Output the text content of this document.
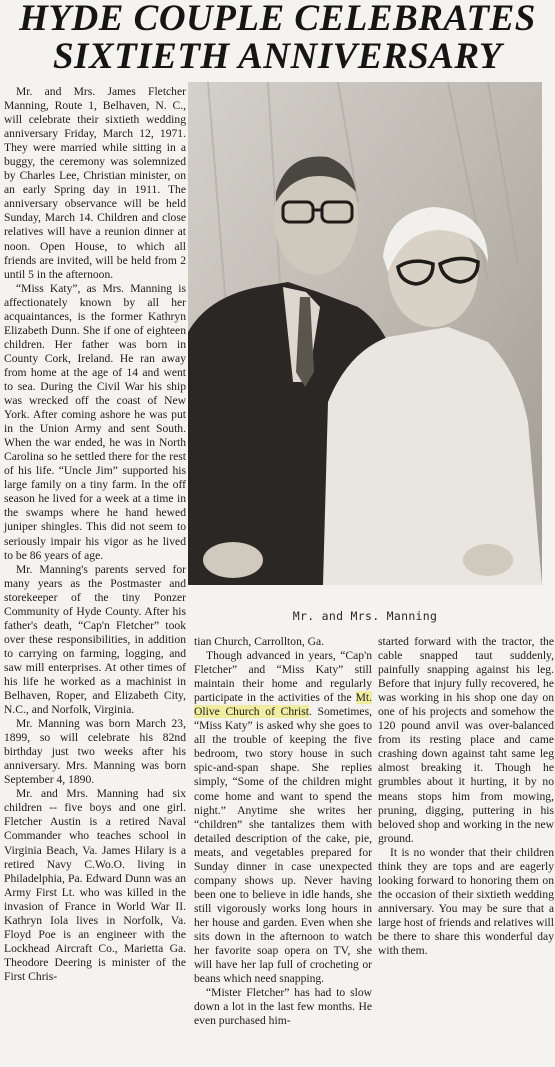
HYDE COUPLE CELEBRATES
SIXTIETH ANNIVERSARY

Mr. and Mrs. James Fletcher Manning, Route 1, Belhaven, N. C., will celebrate their sixtieth wedding anniversary Friday, March 12, 1971. They were married while sitting in a buggy, the ceremony was solemnized by Charles Lee, Christian minister, on an early Spring day in 1911. The anniversary observance will be held Sunday, March 14. Children and close relatives will have a reunion dinner at noon. Open House, to which all friends are invited, will be held from 2 until 5 in the afternoon.

“Miss Katy”, as Mrs. Manning is affectionately known by all her acquaintances, is the former Kathryn Elizabeth Dunn. She if one of eighteen children. Her father was born in County Cork, Ireland. He ran away from home at the age of 14 and went to sea. During the Civil War his ship was wrecked off the coast of New York. After coming ashore he was put in the Union Army and sent South. When the war ended, he was in North Carolina so he settled there for the rest of his life. “Uncle Jim” supported his large family on a tiny farm. In the off season he lived for a week at a time in the swamps where he hand hewed juniper shingles. This did not seem to seriously impair his vigor as he lived to be 86 years of age.

Mr. Manning's parents served for many years as the Postmaster and storekeeper of the tiny Ponzer Community of Hyde County. After his father's death, “Cap'n Fletcher” took over these responsibilities, in addition to carrying on farming, logging, and saw mill enterprises. At other times of his life he worked as a machinist in Belhaven, Roper, and Elizabeth City, N.C., and Norfolk, Virginia.

Mr. Manning was born March 23, 1899, so will celebrate his 82nd birthday just two weeks after his anniversary. Mrs. Manning was born September 4, 1890.

Mr. and Mrs. Manning had six children -- five boys and one girl. Fletcher Austin is a retired Naval Commander who teaches school in Virginia Beach, Va. James Hilary is a retired Navy C.Wo.O. living in Philadelphia, Pa. Edward Dunn was an Army First Lt. who was killed in the invasion of France in World War II. Kathryn Iola lives in Norfolk, Va. Floyd Poe is an engineer with the Lockhead Aircraft Co., Marietta Ga. Theodore Deering is minister of the First Chris-

Mr. and Mrs. Manning

tian Church, Carrollton, Ga.

Though advanced in years, “Cap'n Fletcher” and “Miss Katy” still maintain their home and regularly participate in the activities of the Mt. Olive Church of Christ. Sometimes, “Miss Katy” is asked why she goes to all the trouble of keeping the five bedroom, two story house in such spic-and-span shape. She replies simply, “Some of the children might come home and want to spend the night.” Anytime she writes her “children” she tantalizes them with detailed description of the cake, pie, meats, and vegetables prepared for Sunday dinner in case unexpected company shows up. Never having been one to believe in idle hands, she still vigorously works long hours in her house and garden. Even when she sits down in the afternoon to watch her favorite soap opera on TV, she will have her lap full of crocheting or beans which need snapping.

“Mister Fletcher” has had to slow down a lot in the last few months. He even purchased him-

started forward with the tractor, the cable snapped taut suddenly, painfully snapping against his leg. Before that injury fully recovered, he was working in his shop one day on one of his projects and somehow the 120 pound anvil was over-balanced from its resting place and came crashing down against taht same leg almost breaking it. Though he grumbles about it hurting, it by no means stops him from mowing, pruning, digging, puttering in his beloved shop and working in the new ground.

It is no wonder that their children think they are tops and are eagerly looking forward to honoring them on the occasion of their sixtieth wedding anniversary. You may be sure that a large host of friends and relatives will be there to share this wonderful day with them.
